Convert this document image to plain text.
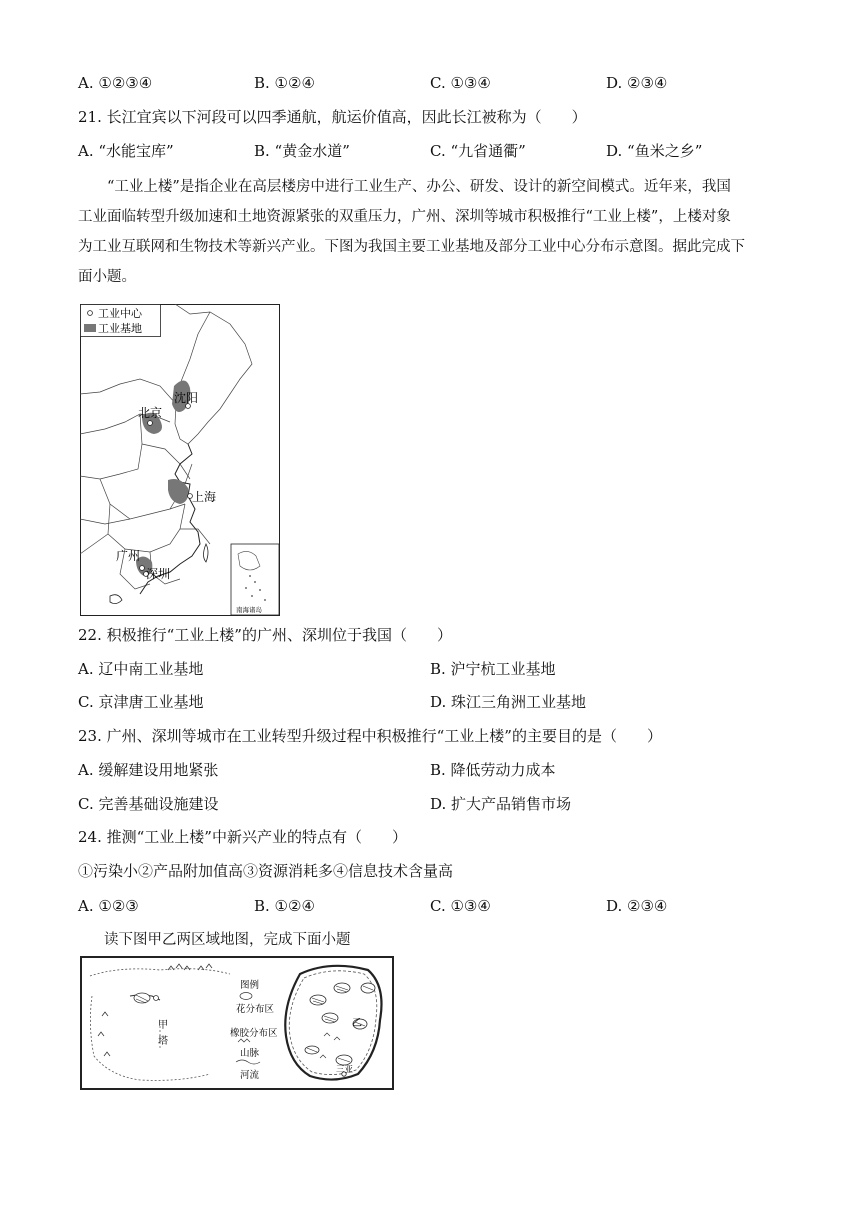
A. ①②③④	B. ①②④	C. ①③④	D. ②③④
21. 长江宜宾以下河段可以四季通航，航运价值高，因此长江被称为（　　）
A. “水能宝库”	B. “黄金水道”	C. “九省通衢”	D. “鱼米之乡”
“工业上楼”是指企业在高层楼房中进行工业生产、办公、研发、设计的新空间模式。近年来，我国
工业面临转型升级加速和土地资源紧张的双重压力，广州、深圳等城市积极推行“工业上楼”，上楼对象
为工业互联网和生物技术等新兴产业。下图为我国主要工业基地及部分工业中心分布示意图。据此完成下
面小题。
工业中心
工业基地
北京
沈阳
上海
广州
深圳
南海诸岛
22. 积极推行“工业上楼”的广州、深圳位于我国（　　）
A. 辽中南工业基地	B. 沪宁杭工业基地
C. 京津唐工业基地	D. 珠江三角洲工业基地
23. 广州、深圳等城市在工业转型升级过程中积极推行“工业上楼”的主要目的是（　　）
A. 缓解建设用地紧张	B. 降低劳动力成本
C. 完善基础设施建设	D. 扩大产品销售市场
24. 推测“工业上楼”中新兴产业的特点有（　　）
①污染小②产品附加值高③资源消耗多④信息技术含量高
A. ①②③	B. ①②④	C. ①③④	D. ②③④
读下图甲乙两区域地图，完成下面小题
甲
塔
图例
花分布区
橡胶分布区
山脉
河流
乙
三亚
